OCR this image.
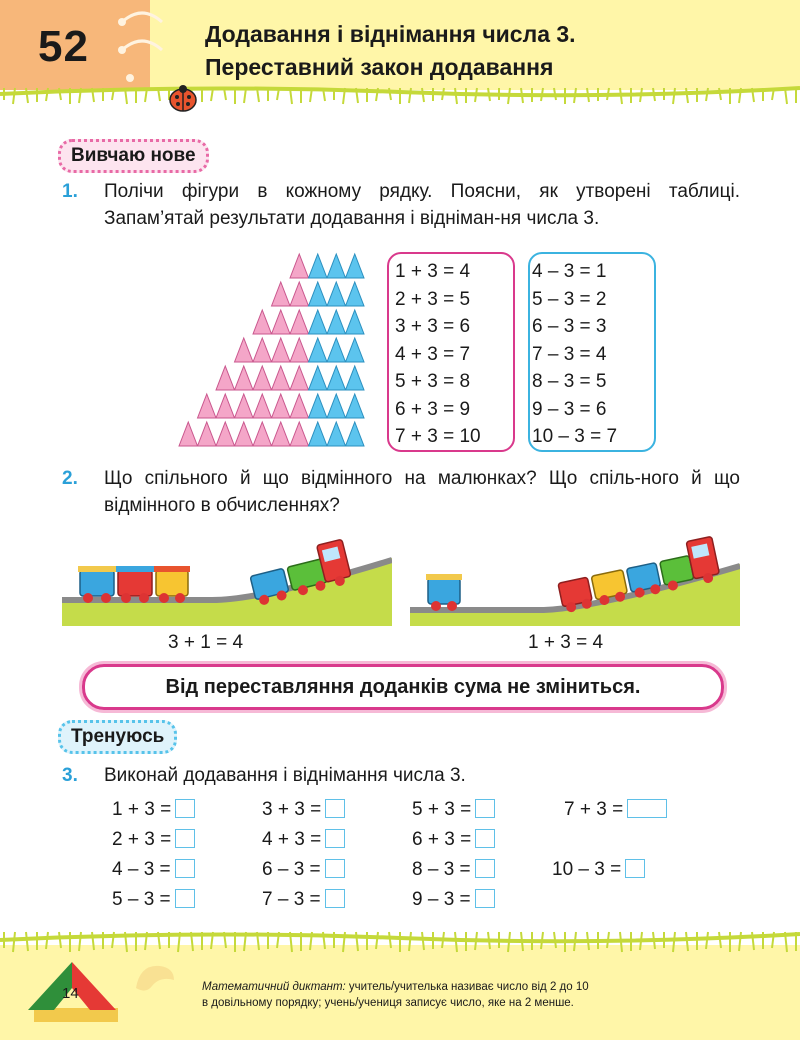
52	Додавання і віднімання числа 3.
Переставний закон додавання
Вивчаю нове
1. Полічи фігури в кожному рядку. Поясни, як утворені таблиці. Запам’ятай результати додавання і відніман-ня числа 3.
1 + 3 = 4
2 + 3 = 5
3 + 3 = 6
4 + 3 = 7
5 + 3 = 8
6 + 3 = 9
7 + 3 = 10
4 – 3 = 1
5 – 3 = 2
6 – 3 = 3
7 – 3 = 4
8 – 3 = 5
9 – 3 = 6
10 – 3 = 7
2. Що спільного й що відмінного на малюнках? Що спіль-ного й що відмінного в обчисленнях?
3 + 1 = 4	1 + 3 = 4
Від переставляння доданків сума не зміниться.
Тренуюсь
3. Виконай додавання і віднімання числа 3.
1 + 3 =	3 + 3 =	5 + 3 =	7 + 3 =
2 + 3 =	4 + 3 =	6 + 3 =
4 – 3 =	6 – 3 =	8 – 3 =	10 – 3 =
5 – 3 =	7 – 3 =	9 – 3 =
14	Математичний диктант: учитель/учителька називає число від 2 до 10
в довільному порядку; учень/учениця записує число, яке на 2 менше.
